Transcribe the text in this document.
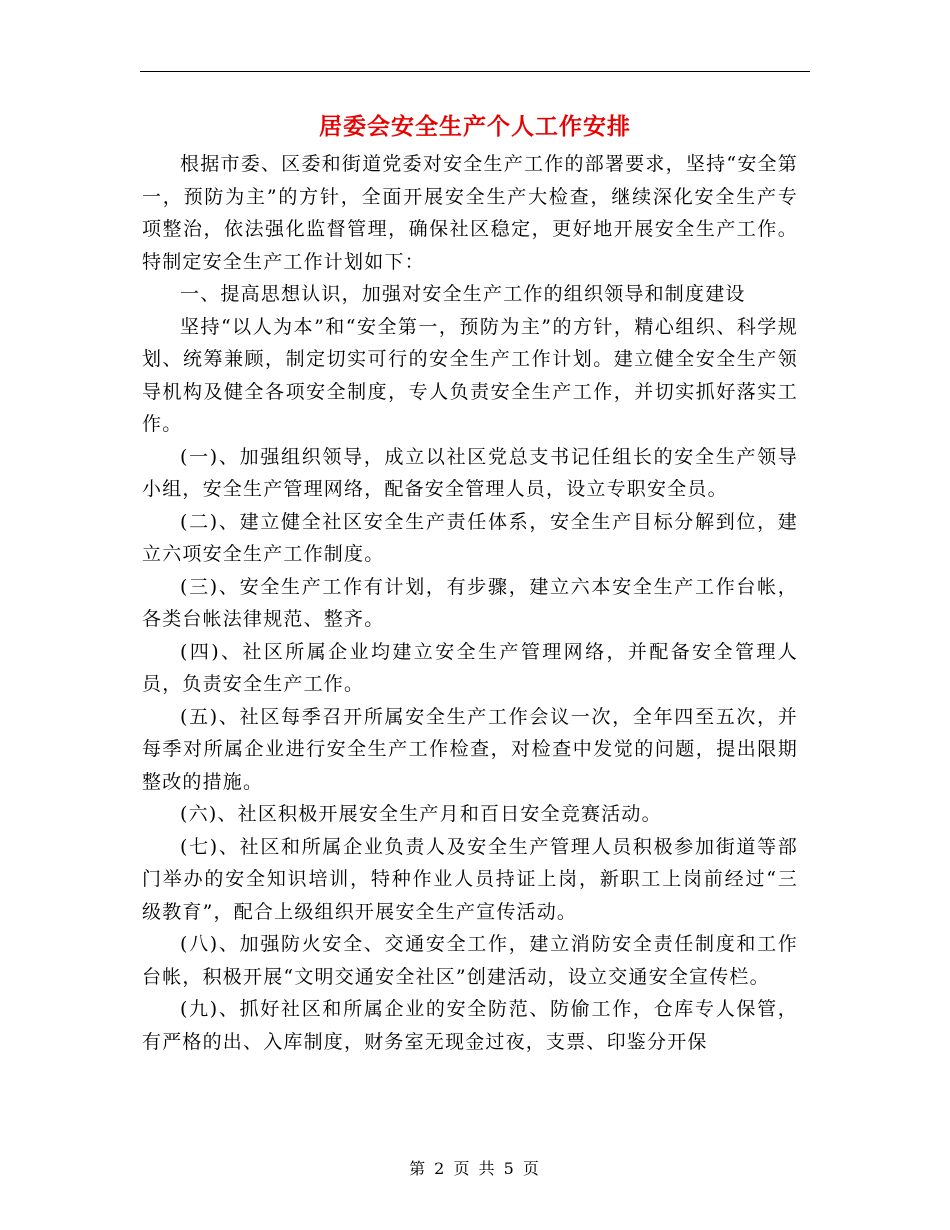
居委会安全生产个人工作安排

根据市委、区委和街道党委对安全生产工作的部署要求，坚持“安全第一，预防为主”的方针，全面开展安全生产大检查，继续深化安全生产专项整治，依法强化监督管理，确保社区稳定，更好地开展安全生产工作。特制定安全生产工作计划如下：

一、提高思想认识，加强对安全生产工作的组织领导和制度建设

坚持“以人为本”和“安全第一，预防为主”的方针，精心组织、科学规划、统筹兼顾，制定切实可行的安全生产工作计划。建立健全安全生产领导机构及健全各项安全制度，专人负责安全生产工作，并切实抓好落实工作。

(一)、加强组织领导，成立以社区党总支书记任组长的安全生产领导小组，安全生产管理网络，配备安全管理人员，设立专职安全员。

(二)、建立健全社区安全生产责任体系，安全生产目标分解到位，建立六项安全生产工作制度。

(三)、安全生产工作有计划，有步骤，建立六本安全生产工作台帐，各类台帐法律规范、整齐。

(四)、社区所属企业均建立安全生产管理网络，并配备安全管理人员，负责安全生产工作。

(五)、社区每季召开所属安全生产工作会议一次，全年四至五次，并每季对所属企业进行安全生产工作检查，对检查中发觉的问题，提出限期整改的措施。

(六)、社区积极开展安全生产月和百日安全竞赛活动。

(七)、社区和所属企业负责人及安全生产管理人员积极参加街道等部门举办的安全知识培训，特种作业人员持证上岗，新职工上岗前经过“三级教育”，配合上级组织开展安全生产宣传活动。

(八)、加强防火安全、交通安全工作，建立消防安全责任制度和工作台帐，积极开展“文明交通安全社区”创建活动，设立交通安全宣传栏。

(九)、抓好社区和所属企业的安全防范、防偷工作，仓库专人保管，有严格的出、入库制度，财务室无现金过夜，支票、印鉴分开保

第 2 页 共 5 页
